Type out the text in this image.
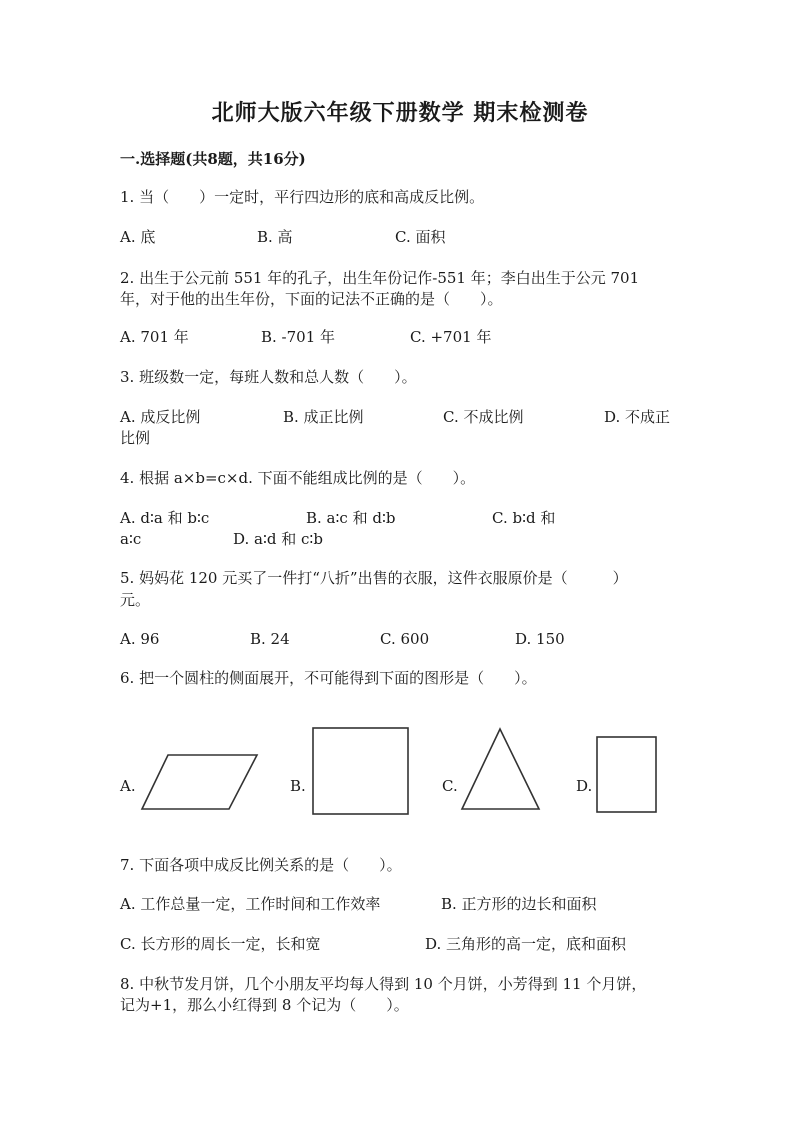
北师大版六年级下册数学 期末检测卷
一.选择题(共8题，共16分)
1. 当（　　）一定时，平行四边形的底和高成反比例。
A. 底	B. 高	C. 面积
2. 出生于公元前 551 年的孔子，出生年份记作-551 年；李白出生于公元 701
年，对于他的出生年份，下面的记法不正确的是（　　）。
A. 701 年	B. -701 年	C. +701 年
3. 班级数一定，每班人数和总人数（　　）。
A. 成反比例	B. 成正比例	C. 不成比例	D. 不成正
比例
4. 根据 a×b=c×d. 下面不能组成比例的是（　　）。
A. d∶a 和 b∶c	B. a∶c 和 d∶b	C. b∶d 和
a∶c	D. a∶d 和 c∶b
5. 妈妈花 120 元买了一件打“八折”出售的衣服，这件衣服原价是（　　　）
元。
A. 96	B. 24	C. 600	D. 150
6. 把一个圆柱的侧面展开，不可能得到下面的图形是（　　）。
A.	B.	C.	D.
7. 下面各项中成反比例关系的是（　　）。
A. 工作总量一定，工作时间和工作效率	B. 正方形的边长和面积
C. 长方形的周长一定，长和宽	D. 三角形的高一定，底和面积
8. 中秋节发月饼，几个小朋友平均每人得到 10 个月饼，小芳得到 11 个月饼，
记为+1，那么小红得到 8 个记为（　　）。
